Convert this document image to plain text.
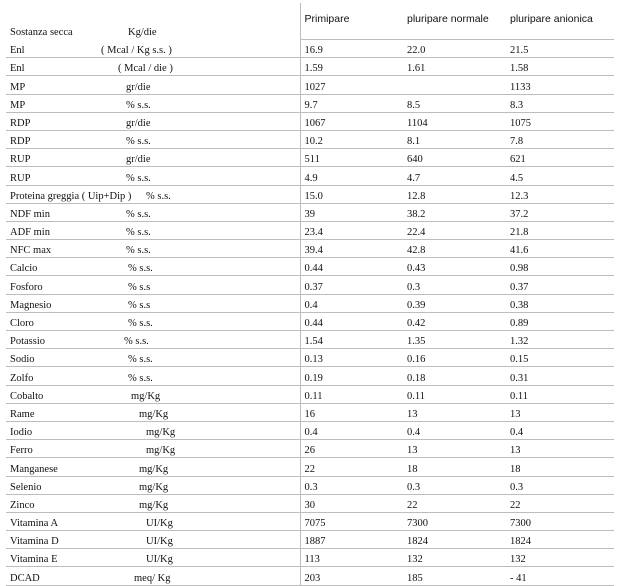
Sostanza secca Kg/die	Primipare	pluripare normale	pluripare anionica

Enl ( Mcal / Kg s.s. )	16.9	22.0	21.5

Enl ( Mcal / die )	1.59	1.61	1.58

MP gr/die	1027		1133

MP % s.s.	9.7	8.5	8.3

RDP gr/die	1067	1104	1075

RDP % s.s.	10.2	8.1	7.8

RUP gr/die	511	640	621

RUP % s.s.	4.9	4.7	4.5

Proteina greggia ( Uip+Dip ) % s.s.	15.0	12.8	12.3

NDF min % s.s.	39	38.2	37.2

ADF min % s.s.	23.4	22.4	21.8

NFC max % s.s.	39.4	42.8	41.6

Calcio % s.s.	0.44	0.43	0.98

Fosforo % s.s	0.37	0.3	0.37

Magnesio % s.s	0.4	0.39	0.38

Cloro % s.s.	0.44	0.42	0.89

Potassio % s.s.	1.54	1.35	1.32

Sodio % s.s.	0.13	0.16	0.15

Zolfo % s.s.	0.19	0.18	0.31

Cobalto mg/Kg	0.11	0.11	0.11

Rame mg/Kg	16	13	13

Iodio mg/Kg	0.4	0.4	0.4

Ferro mg/Kg	26	13	13

Manganese mg/Kg	22	18	18

Selenio mg/Kg	0.3	0.3	0.3

Zinco mg/Kg	30	22	22

Vitamina A UI/Kg	7075	7300	7300

Vitamina D UI/Kg	1887	1824	1824

Vitamina E UI/Kg	113	132	132

DCAD meq/ Kg	203	185	- 41
